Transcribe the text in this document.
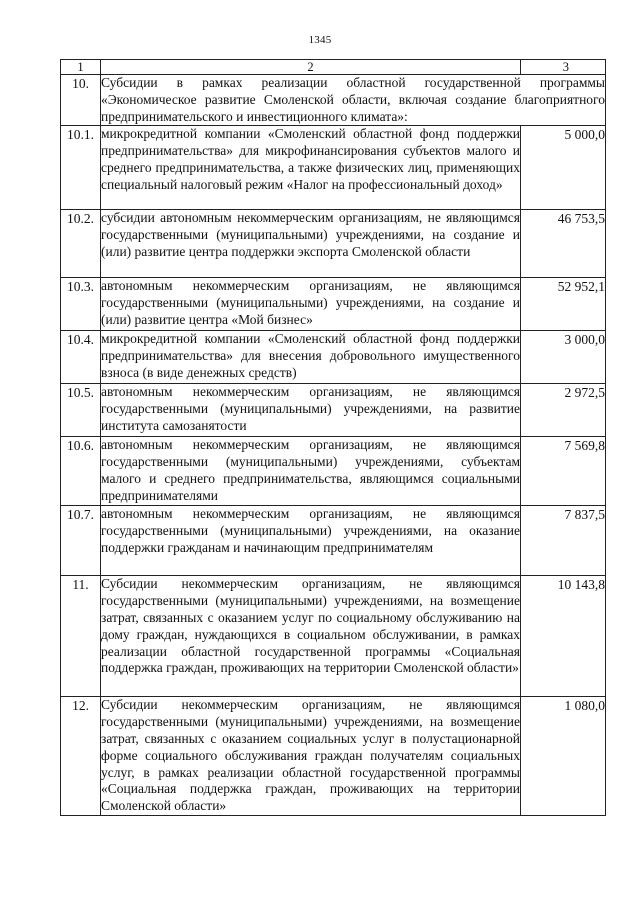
1345
1	2	3
10.	Субсидии в рамках реализации областной государственной программы «Экономическое развитие Смоленской области, включая создание благоприятного предпринимательского и инвестиционного климата»:	
10.1.	микрокредитной компании «Смоленский областной фонд поддержки предпринимательства» для микрофинансирования субъектов малого и среднего предпринимательства, а также физических лиц, применяющих специальный налоговый режим «Налог на профессиональный доход»	5 000,0
10.2.	субсидии автономным некоммерческим организациям, не являющимся государственными (муниципальными) учреждениями, на создание и (или) развитие центра поддержки экспорта Смоленской области	46 753,5
10.3.	автономным некоммерческим организациям, не являющимся государственными (муниципальными) учреждениями, на создание и (или) развитие центра «Мой бизнес»	52 952,1
10.4.	микрокредитной компании «Смоленский областной фонд поддержки предпринимательства» для внесения добровольного имущественного взноса (в виде денежных средств)	3 000,0
10.5.	автономным некоммерческим организациям, не являющимся государственными (муниципальными) учреждениями, на развитие института самозанятости	2 972,5
10.6.	автономным некоммерческим организациям, не являющимся государственными (муниципальными) учреждениями, субъектам малого и среднего предпринимательства, являющимся социальными предпринимателями	7 569,8
10.7.	автономным некоммерческим организациям, не являющимся государственными (муниципальными) учреждениями, на оказание поддержки гражданам и начинающим предпринимателям	7 837,5
11.	Субсидии некоммерческим организациям, не являющимся государственными (муниципальными) учреждениями, на возмещение затрат, связанных с оказанием услуг по социальному обслуживанию на дому граждан, нуждающихся в социальном обслуживании, в рамках реализации областной государственной программы «Социальная поддержка граждан, проживающих на территории Смоленской области»	10 143,8
12.	Субсидии некоммерческим организациям, не являющимся государственными (муниципальными) учреждениями, на возмещение затрат, связанных с оказанием социальных услуг в полустационарной форме социального обслуживания граждан получателям социальных услуг, в рамках реализации областной государственной программы «Социальная поддержка граждан, проживающих на территории Смоленской области»	1 080,0
